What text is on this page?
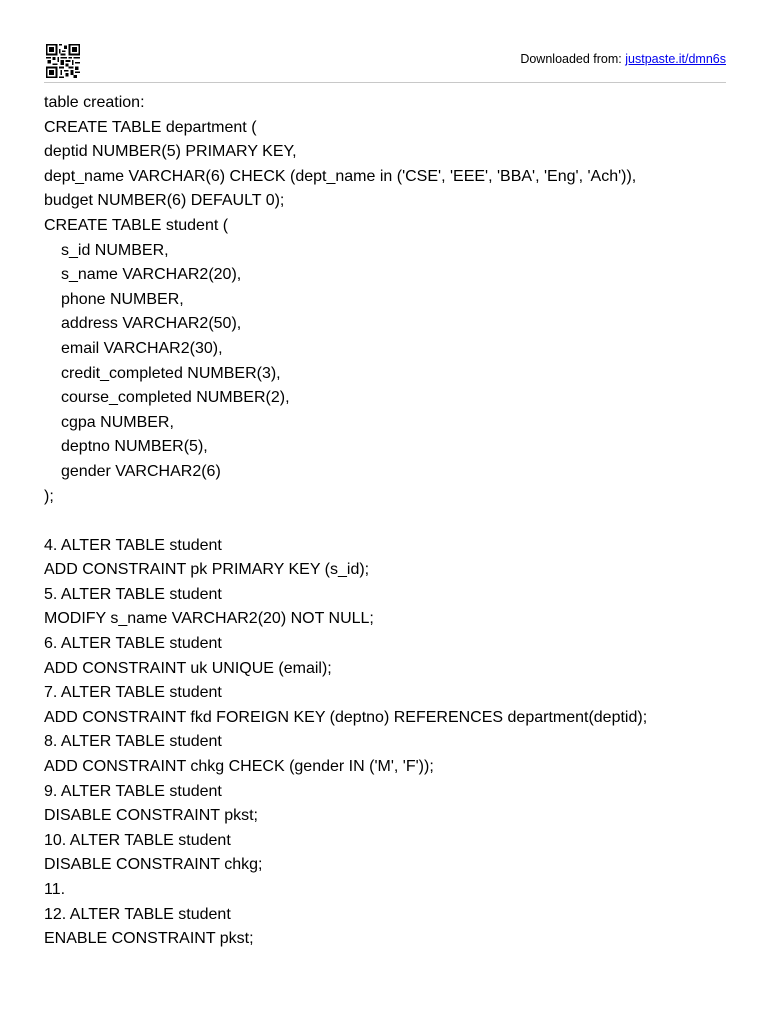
Downloaded from: justpaste.it/dmn6s
table creation:
CREATE TABLE department (
deptid NUMBER(5) PRIMARY KEY,
dept_name VARCHAR(6) CHECK (dept_name in ('CSE', 'EEE', 'BBA', 'Eng', 'Ach')),
budget NUMBER(6) DEFAULT 0);
CREATE TABLE student (
s_id NUMBER,
s_name VARCHAR2(20),
phone NUMBER,
address VARCHAR2(50),
email VARCHAR2(30),
credit_completed NUMBER(3),
course_completed NUMBER(2),
cgpa NUMBER,
deptno NUMBER(5),
gender VARCHAR2(6)
);
4. ALTER TABLE student
ADD CONSTRAINT pk PRIMARY KEY (s_id);
5. ALTER TABLE student
MODIFY s_name VARCHAR2(20) NOT NULL;
6. ALTER TABLE student
ADD CONSTRAINT uk UNIQUE (email);
7. ALTER TABLE student
ADD CONSTRAINT fkd FOREIGN KEY (deptno) REFERENCES department(deptid);
8. ALTER TABLE student
ADD CONSTRAINT chkg CHECK (gender IN ('M', 'F'));
9. ALTER TABLE student
DISABLE CONSTRAINT pkst;
10. ALTER TABLE student
DISABLE CONSTRAINT chkg;
11.
12. ALTER TABLE student
ENABLE CONSTRAINT pkst;
